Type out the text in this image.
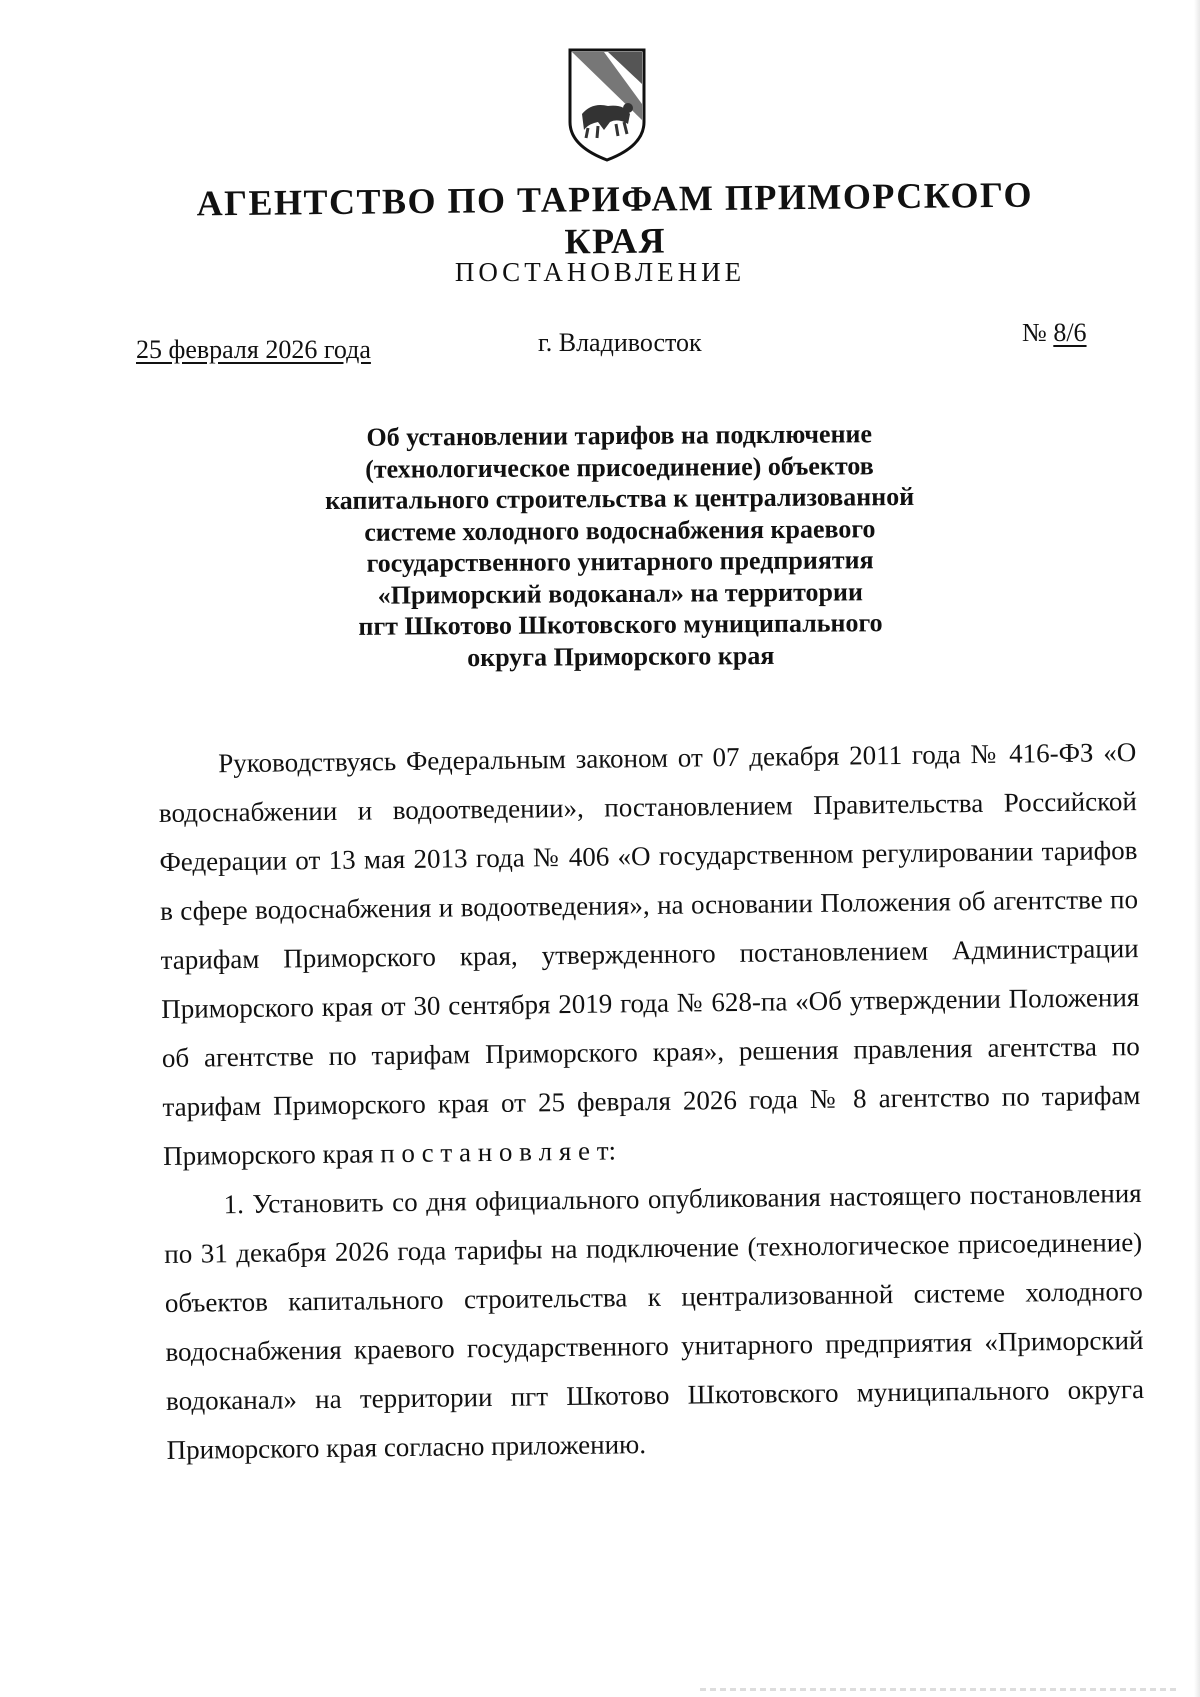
АГЕНТСТВО ПО ТАРИФАМ ПРИМОРСКОГО КРАЯ
ПОСТАНОВЛЕНИЕ
25 февраля 2026 года	г. Владивосток	№ 8/6
Об установлении тарифов на подключение
(технологическое присоединение) объектов
капитального строительства к централизованной
системе холодного водоснабжения краевого
государственного унитарного предприятия
«Приморский водоканал» на территории
пгт Шкотово Шкотовского муниципального
округа Приморского края

Руководствуясь Федеральным законом от 07 декабря 2011 года № 416-ФЗ «О водоснабжении и водоотведении», постановлением Правительства Российской Федерации от 13 мая 2013 года № 406 «О государственном регулировании тарифов в сфере водоснабжения и водоотведения», на основании Положения об агентстве по тарифам Приморского края, утвержденного постановлением Администрации Приморского края от 30 сентября 2019 года № 628-па «Об утверждении Положения об агентстве по тарифам Приморского края», решения правления агентства по тарифам Приморского края от 25 февраля 2026 года № 8 агентство по тарифам Приморского края п о с т а н о в л я е т:

1. Установить со дня официального опубликования настоящего постановления по 31 декабря 2026 года тарифы на подключение (технологическое присоединение) объектов капитального строительства к централизованной системе холодного водоснабжения краевого государственного унитарного предприятия «Приморский водоканал» на территории пгт Шкотово Шкотовского муниципального округа Приморского края согласно приложению.
